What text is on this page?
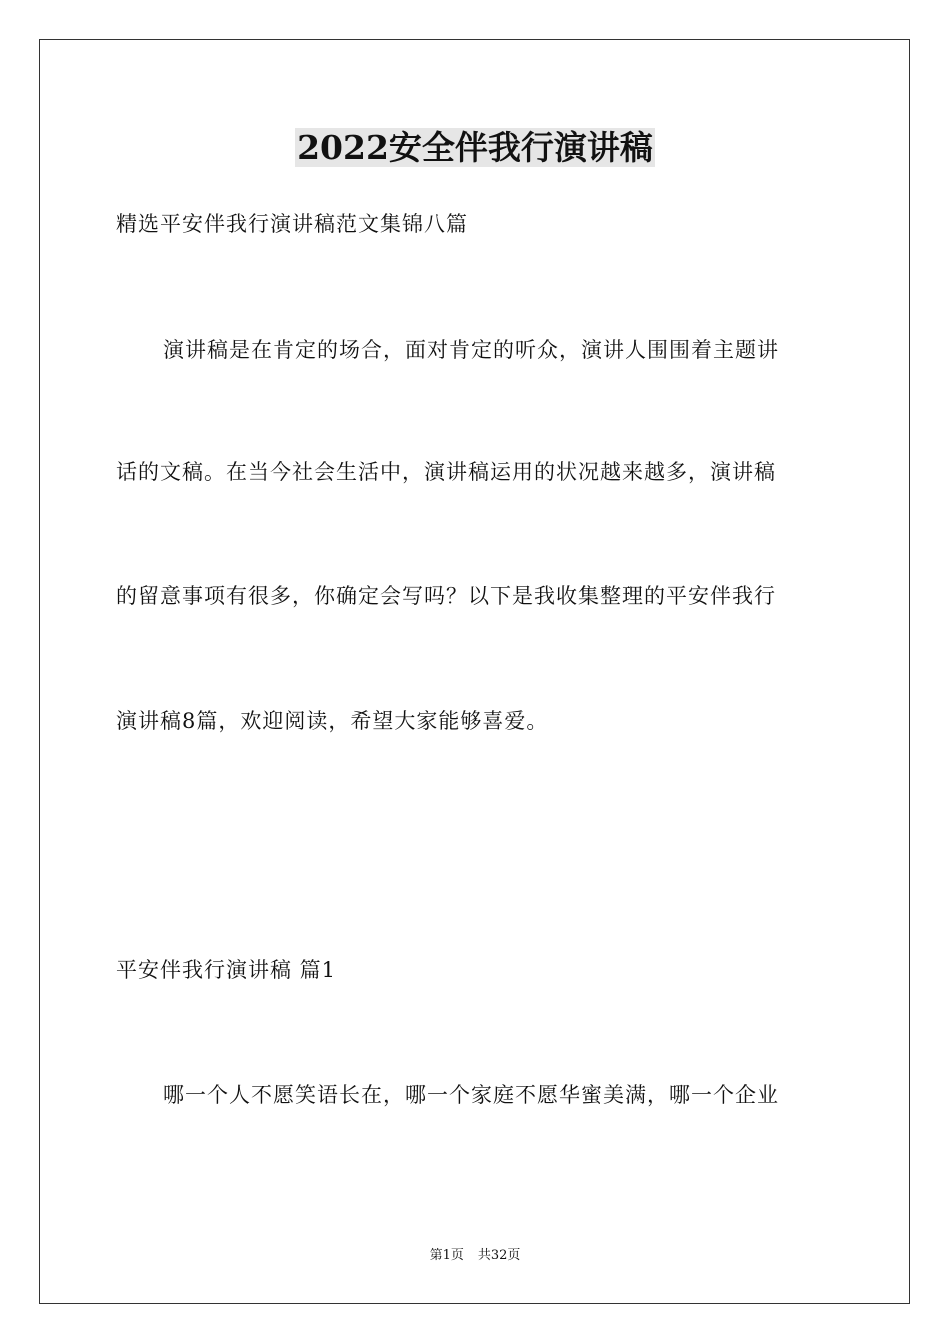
2022安全伴我行演讲稿
精选平安伴我行演讲稿范文集锦八篇
演讲稿是在肯定的场合，面对肯定的听众，演讲人围围着主题讲
话的文稿。在当今社会生活中，演讲稿运用的状况越来越多，演讲稿
的留意事项有很多，你确定会写吗？以下是我收集整理的平安伴我行
演讲稿8篇，欢迎阅读，希望大家能够喜爱。
平安伴我行演讲稿 篇1
哪一个人不愿笑语长在，哪一个家庭不愿华蜜美满，哪一个企业
第1页 共32页
